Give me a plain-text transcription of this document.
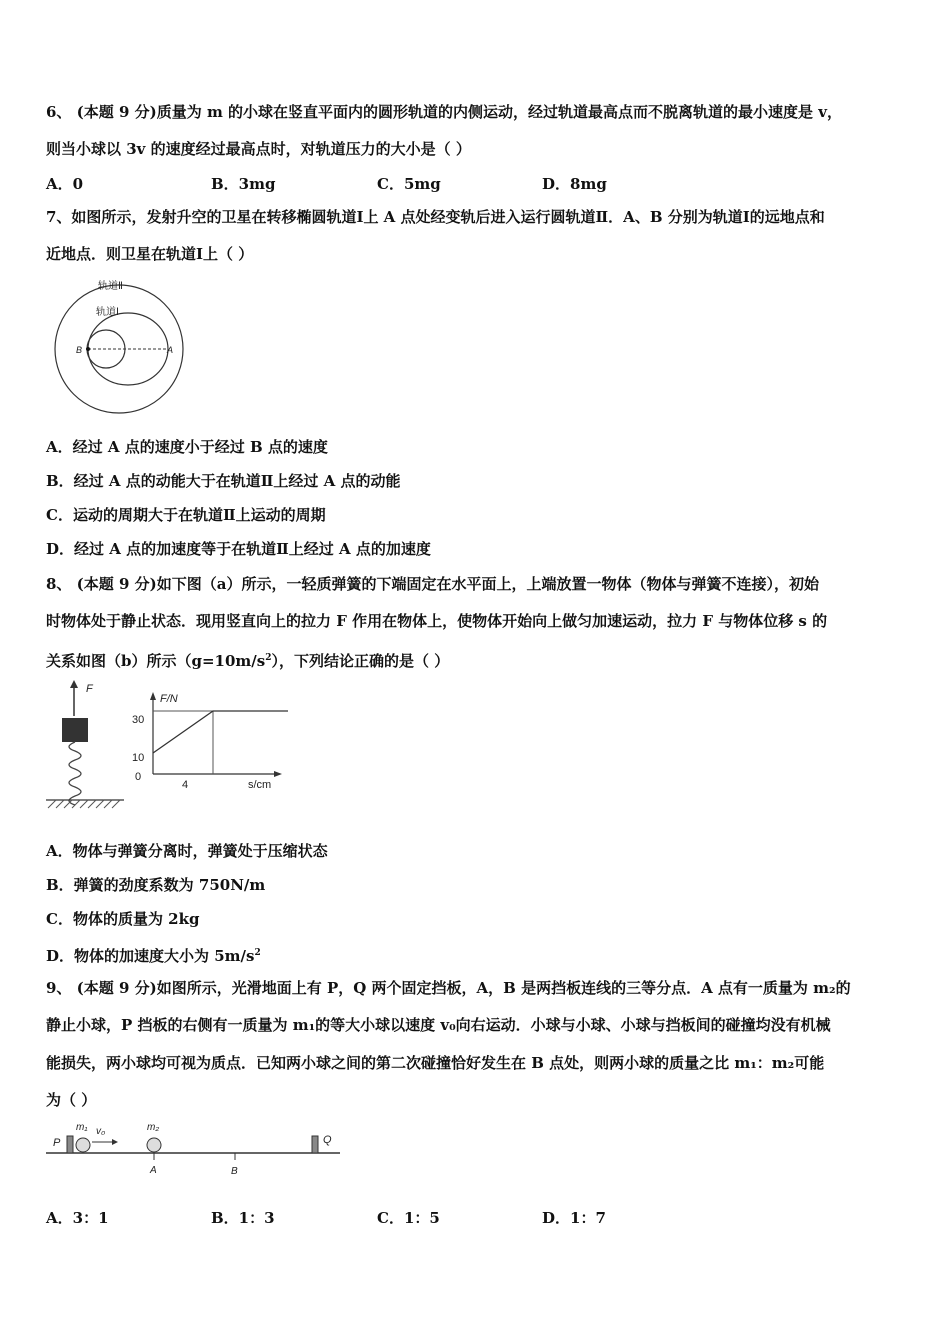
6、 (本题 9 分)质量为 m 的小球在竖直平面内的圆形轨道的内侧运动，经过轨道最高点而不脱离轨道的最小速度是 v，
则当小球以 3v 的速度经过最高点时，对轨道压力的大小是（ ）
A．0	B．3mg	C．5mg	D．8mg
7、如图所示，发射升空的卫星在转移椭圆轨道Ⅰ上 A 点处经变轨后进入运行圆轨道Ⅱ．A、B 分别为轨道Ⅰ的远地点和
近地点．则卫星在轨道Ⅰ上（ ）
轨道Ⅱ
轨道Ⅰ
B	A
A．经过 A 点的速度小于经过 B 点的速度
B．经过 A 点的动能大于在轨道Ⅱ上经过 A 点的动能
C．运动的周期大于在轨道Ⅱ上运动的周期
D．经过 A 点的加速度等于在轨道Ⅱ上经过 A 点的加速度
8、 (本题 9 分)如下图（a）所示，一轻质弹簧的下端固定在水平面上，上端放置一物体（物体与弹簧不连接），初始
时物体处于静止状态．现用竖直向上的拉力 F 作用在物体上，使物体开始向上做匀加速运动，拉力 F 与物体位移 s 的
关系如图（b）所示$(g=10m/s^2)$，下列结论正确的是（ ）
F
F/N
s/cm
30
10
0
4
A．物体与弹簧分离时，弹簧处于压缩状态
B．弹簧的劲度系数为 750N/m
C．物体的质量为 2kg
D．物体的加速度大小为 $5m/s^2$
9、 (本题 9 分)如图所示，光滑地面上有 P，Q 两个固定挡板，A，B 是两挡板连线的三等分点．A 点有一质量为 m₂的
静止小球，P 挡板的右侧有一质量为 m₁的等大小球以速度 v₀向右运动．小球与小球、小球与挡板间的碰撞均没有机械
能损失，两小球均可视为质点．已知两小球之间的第二次碰撞恰好发生在 B 点处，则两小球的质量之比 m₁：m₂可能
为（ ）
P	Q
m₁ v₀	m₂
A	B
A．3：1	B．1：3	C．1：5	D．1：7
